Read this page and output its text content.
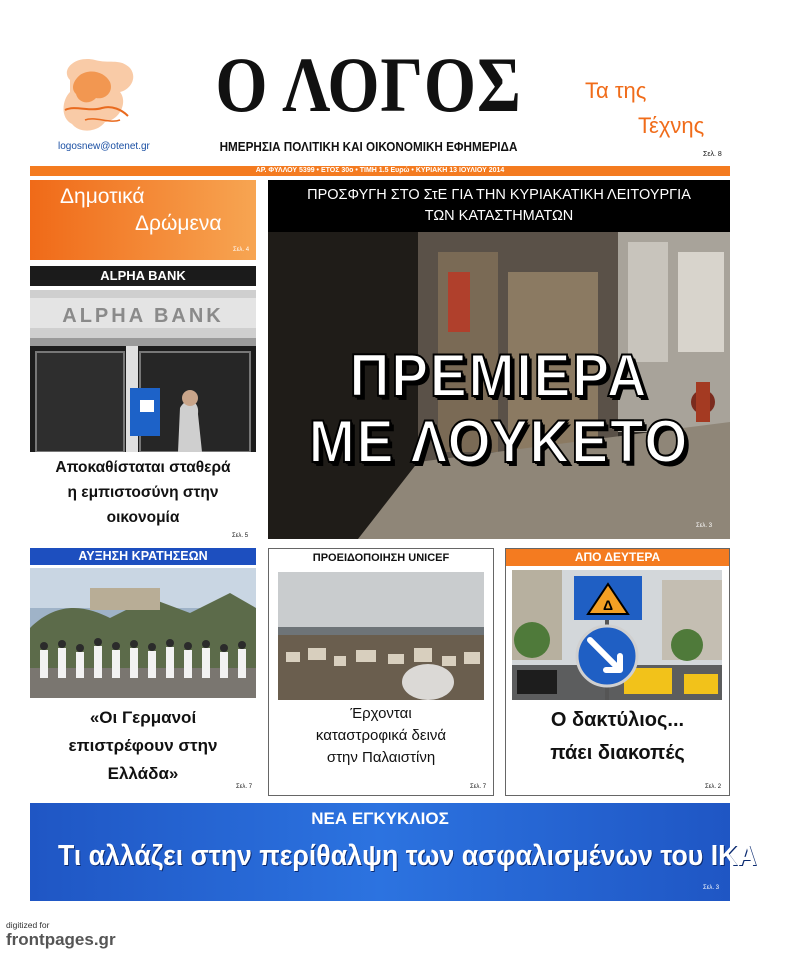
logosnew@otenet.gr
Ο ΛΟΓΟΣ
ΗΜΕΡΗΣΙΑ ΠΟΛΙΤΙΚΗ ΚΑΙ ΟΙΚΟΝΟΜΙΚΗ ΕΦΗΜΕΡΙΔΑ
Τα της
Τέχνης
Σελ. 8
ΑΡ. ΦΥΛΛΟΥ 5399 • ΕΤΟΣ 30ο • ΤΙΜΗ 1.5 Ευρώ • ΚΥΡΙΑΚΗ 13 ΙΟΥΛΙΟΥ 2014
Δημοτικά
Δρώμενα
Σελ. 4
ALPHA BANK
ALPHA BANK
Αποκαθίσταται σταθερά
η εμπιστοσύνη στην
οικονομία
Σελ. 5
ΠΡΟΣΦΥΓΗ ΣΤΟ ΣτΕ ΓΙΑ ΤΗΝ ΚΥΡΙΑΚΑΤΙΚΗ ΛΕΙΤΟΥΡΓΙΑ
ΤΩΝ ΚΑΤΑΣΤΗΜΑΤΩΝ
ΠΡΕΜΙΕΡΑ
ΜΕ ΛΟΥΚΕΤΟ
Σελ. 3
ΑΥΞΗΣΗ ΚΡΑΤΗΣΕΩΝ
«Οι Γερμανοί
επιστρέφουν στην
Ελλάδα»
Σελ. 7
ΠΡΟΕΙΔΟΠΟΙΗΣΗ UNICEF
Έρχονται
καταστροφικά δεινά
στην Παλαιστίνη
Σελ. 7
ΑΠΟ ΔΕΥΤΕΡΑ
Δ
Ο δακτύλιος...
πάει διακοπές
Σελ. 2
ΝΕΑ ΕΓΚΥΚΛΙΟΣ
Τι αλλάζει στην περίθαλψη των ασφαλισμένων του ΙΚΑ
Σελ. 3
digitized for
frontpages.gr
